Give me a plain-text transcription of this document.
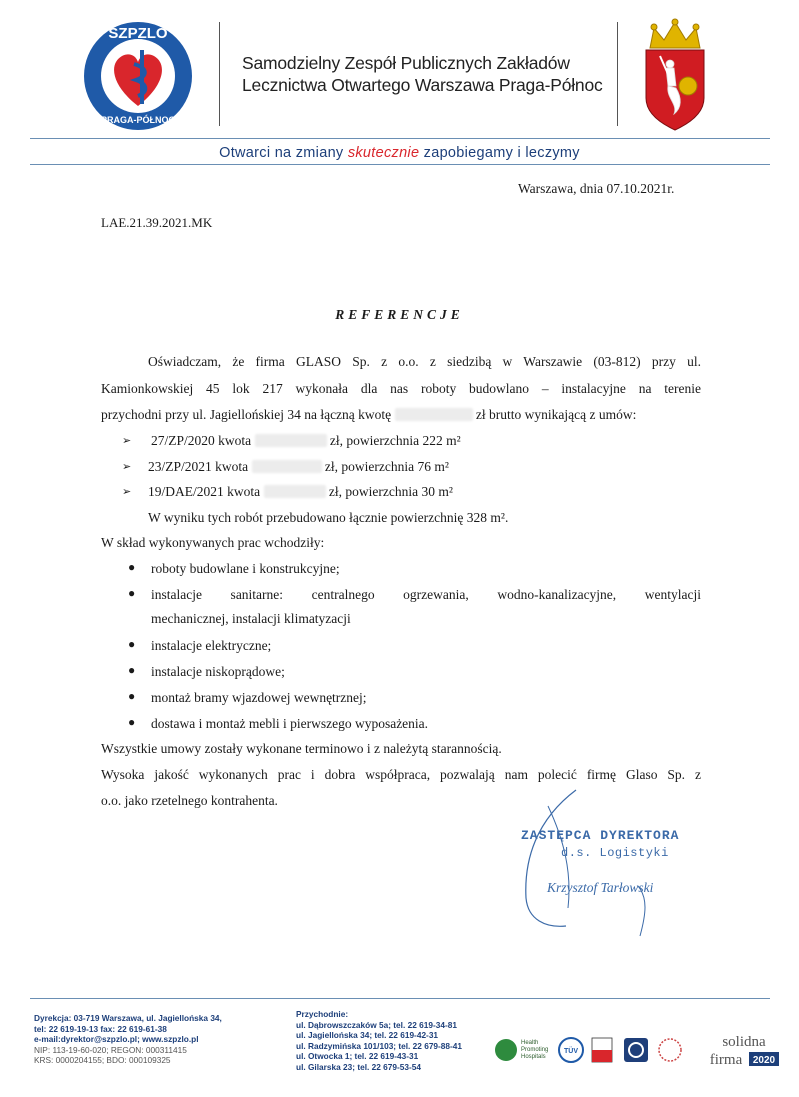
SZPZLO
PRAGA-PÓŁNOC
Samodzielny Zespół Publicznych Zakładów
Lecznictwa Otwartego Warszawa Praga-Północ
Otwarci na zmiany skutecznie zapobiegamy i leczymy
Warszawa, dnia 07.10.2021r.
LAE.21.39.2021.MK
REFERENCJE
Oświadczam, że firma GLASO Sp. z o.o. z siedzibą w Warszawie (03-812) przy ul.
Kamionkowskiej 45 lok 217 wykonała dla nas roboty budowlano – instalacyjne na terenie
przychodni przy ul. Jagiellońskiej 34 na łączną kwotę	zł brutto wynikającą z umów:
➢ 27/ZP/2020 kwota	zł, powierzchnia 222 m²
➢ 23/ZP/2021 kwota	zł, powierzchnia 76 m²
➢ 19/DAE/2021 kwota	zł, powierzchnia 30 m²
W wyniku tych robót przebudowano łącznie powierzchnię 328 m².
W skład wykonywanych prac wchodziły:
● roboty budowlane i konstrukcyjne;
● instalacje sanitarne: centralnego ogrzewania, wodno-kanalizacyjne, wentylacji
mechanicznej, instalacji klimatyzacji
● instalacje elektryczne;
● instalacje niskoprądowe;
● montaż bramy wjazdowej wewnętrznej;
● dostawa i montaż mebli i pierwszego wyposażenia.
Wszystkie umowy zostały wykonane terminowo i z należytą starannością.
Wysoka jakość wykonanych prac i dobra współpraca, pozwalają nam polecić firmę Glaso Sp. z
o.o. jako rzetelnego kontrahenta.
ZASTĘPCA DYREKTORA
d.s. Logistyki
Krzysztof Tarłowski
Dyrekcja: 03-719 Warszawa, ul. Jagiellońska 34,
tel: 22 619-19-13 fax: 22 619-61-38
e-mail:dyrektor@szpzlo.pl; www.szpzlo.pl
NIP: 113-19-60-020; REGON: 000311415
KRS: 0000204155; BDO: 000109325
Przychodnie:
ul. Dąbrowszczaków 5a; tel. 22 619-34-81
ul. Jagiellońska 34; tel. 22 619-42-31
ul. Radzymińska 101/103; tel. 22 679-88-41
ul. Otwocka 1; tel. 22 619-43-31
ul. Gilarska 23; tel. 22 679-53-54
Health Promoting Hospitals
TÜV
solidna
firma 2020
